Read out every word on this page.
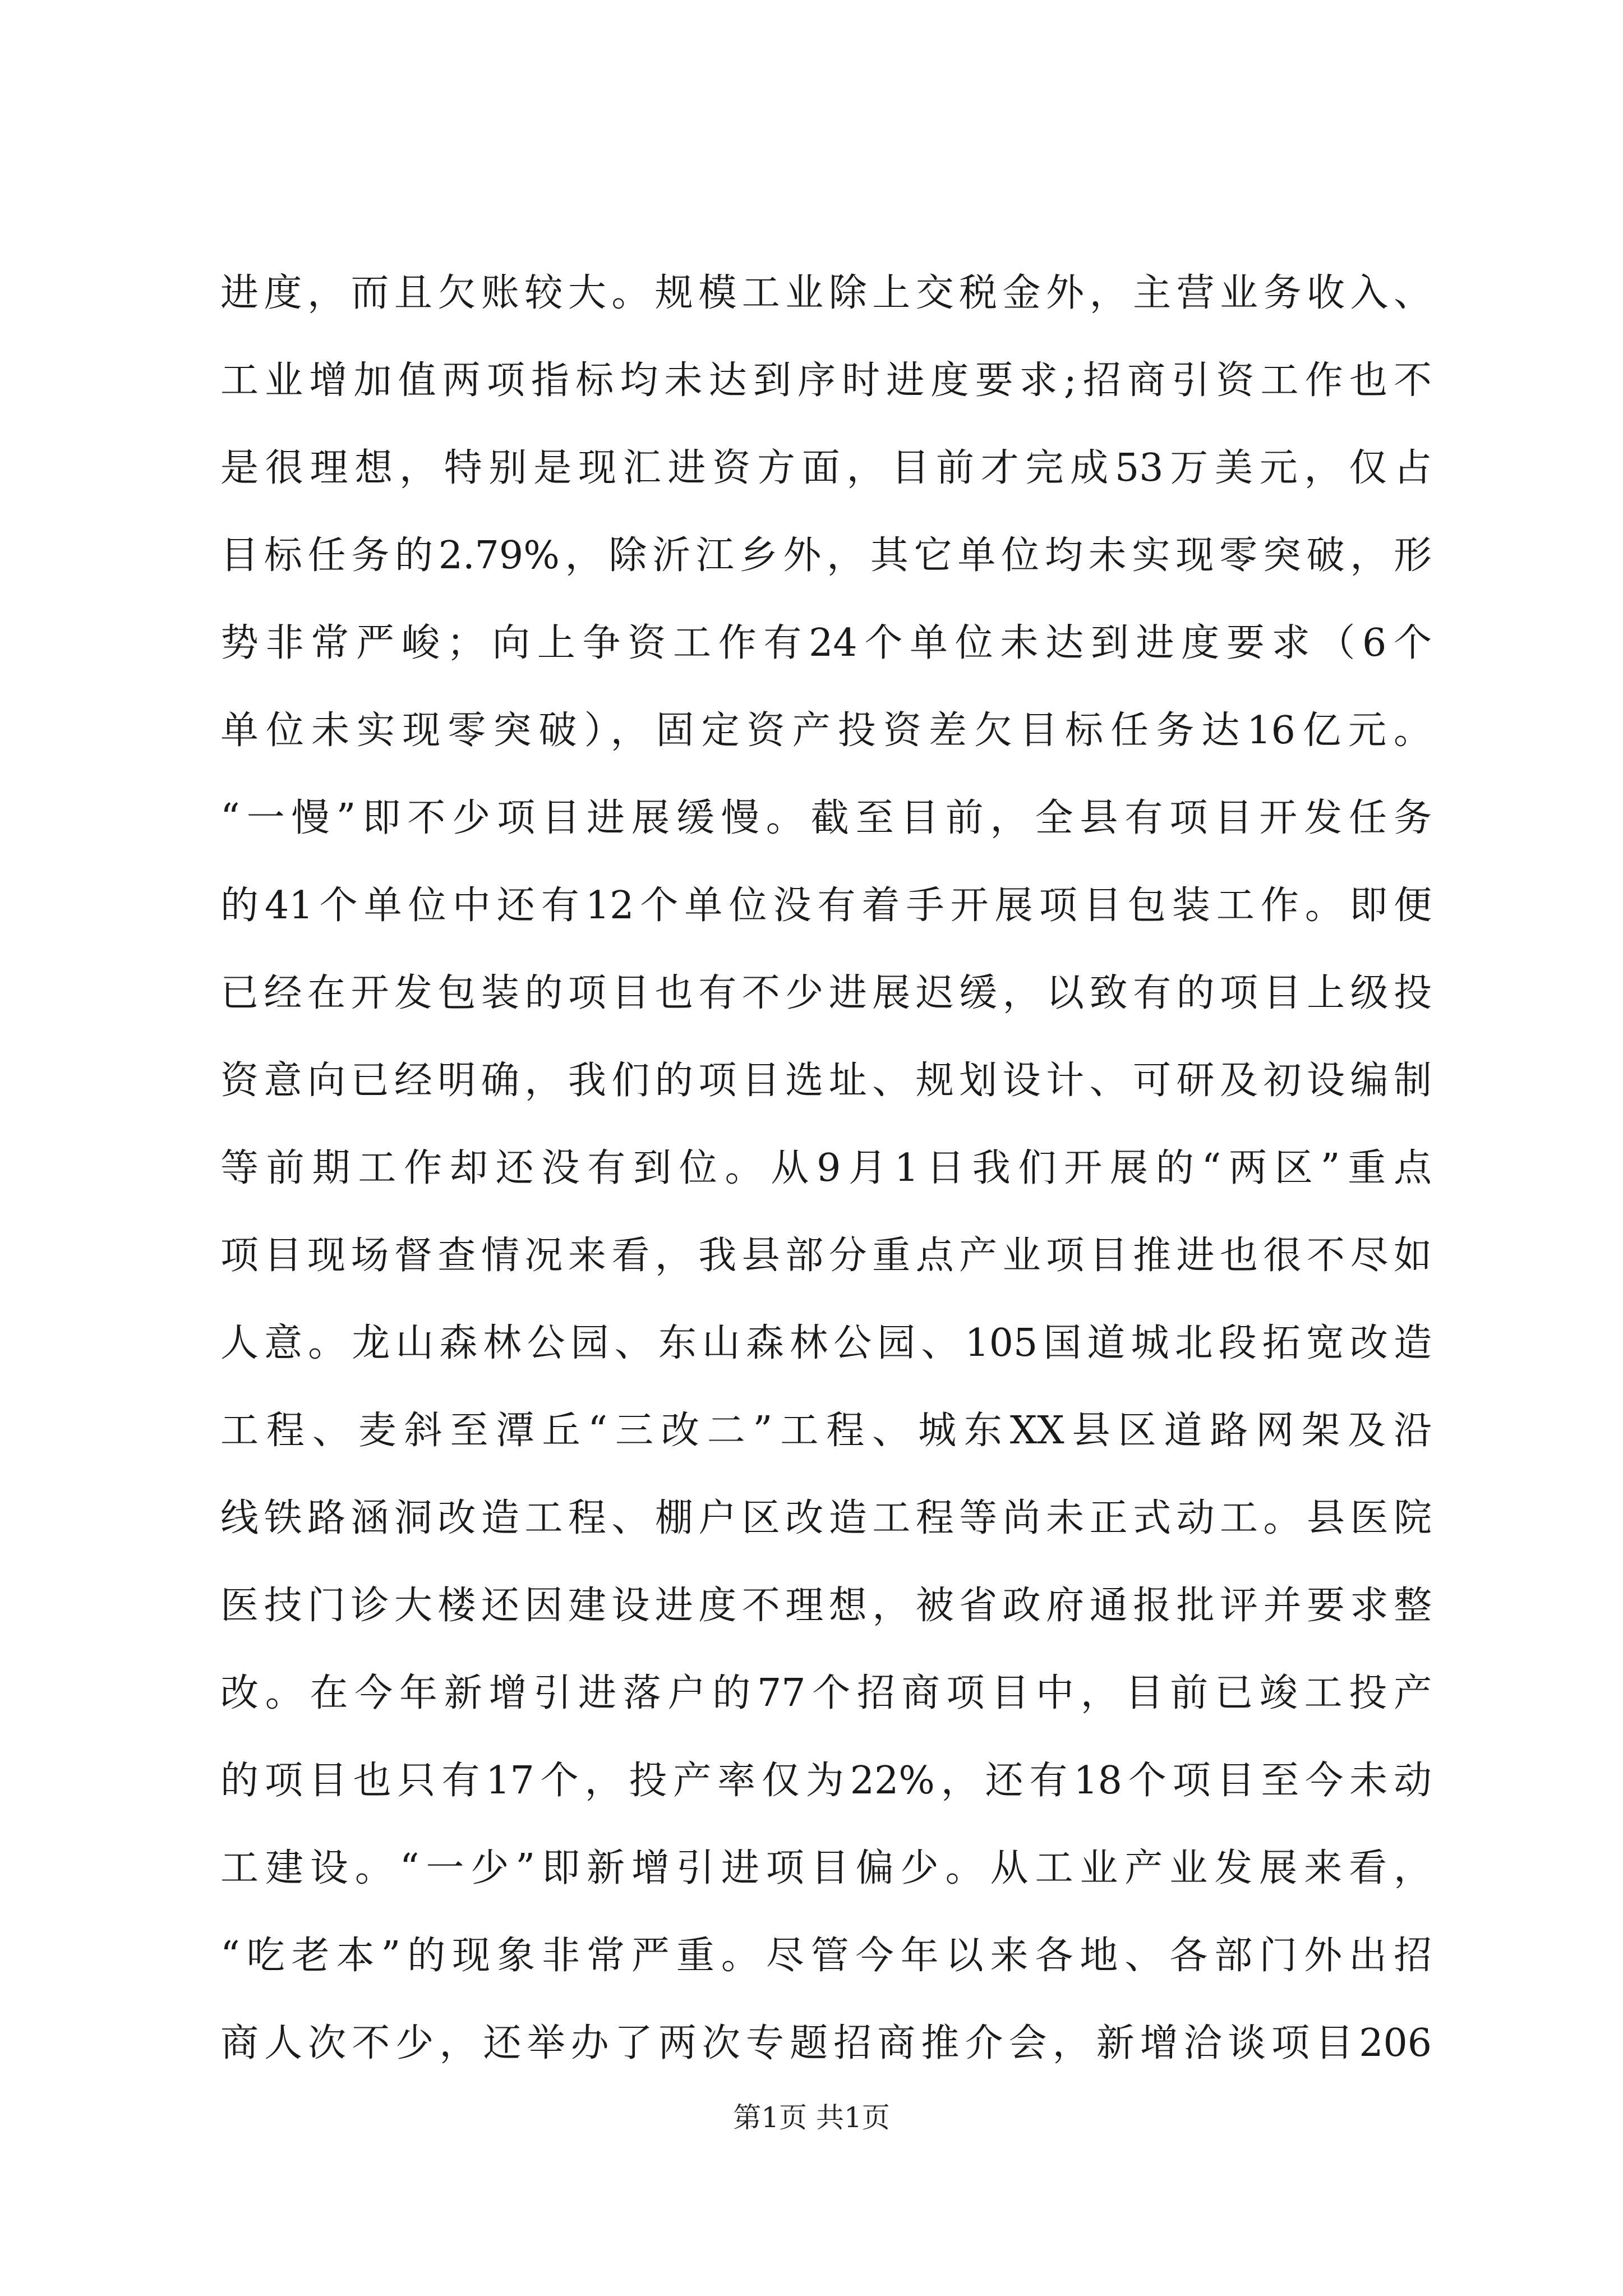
进度，而且欠账较大。规模工业除上交税金外，主营业务收入、
工业增加值两项指标均未达到序时进度要求;招商引资工作也不
是很理想，特别是现汇进资方面，目前才完成53万美元，仅占
目标任务的2.79%，除沂江乡外，其它单位均未实现零突破，形
势非常严峻；向上争资工作有24个单位未达到进度要求（6个
单位未实现零突破），固定资产投资差欠目标任务达16亿元。
“一慢”即不少项目进展缓慢。截至目前，全县有项目开发任务
的41个单位中还有12个单位没有着手开展项目包装工作。即便
已经在开发包装的项目也有不少进展迟缓，以致有的项目上级投
资意向已经明确，我们的项目选址、规划设计、可研及初设编制
等前期工作却还没有到位。从9月1日我们开展的“两区”重点
项目现场督查情况来看，我县部分重点产业项目推进也很不尽如
人意。龙山森林公园、东山森林公园、105国道城北段拓宽改造
工程、麦斜至潭丘“三改二”工程、城东XX县区道路网架及沿
线铁路涵洞改造工程、棚户区改造工程等尚未正式动工。县医院
医技门诊大楼还因建设进度不理想，被省政府通报批评并要求整
改。在今年新增引进落户的77个招商项目中，目前已竣工投产
的项目也只有17个，投产率仅为22%，还有18个项目至今未动
工建设。“一少”即新增引进项目偏少。从工业产业发展来看，
“吃老本”的现象非常严重。尽管今年以来各地、各部门外出招
商人次不少，还举办了两次专题招商推介会，新增洽谈项目206
第1页 共1页
